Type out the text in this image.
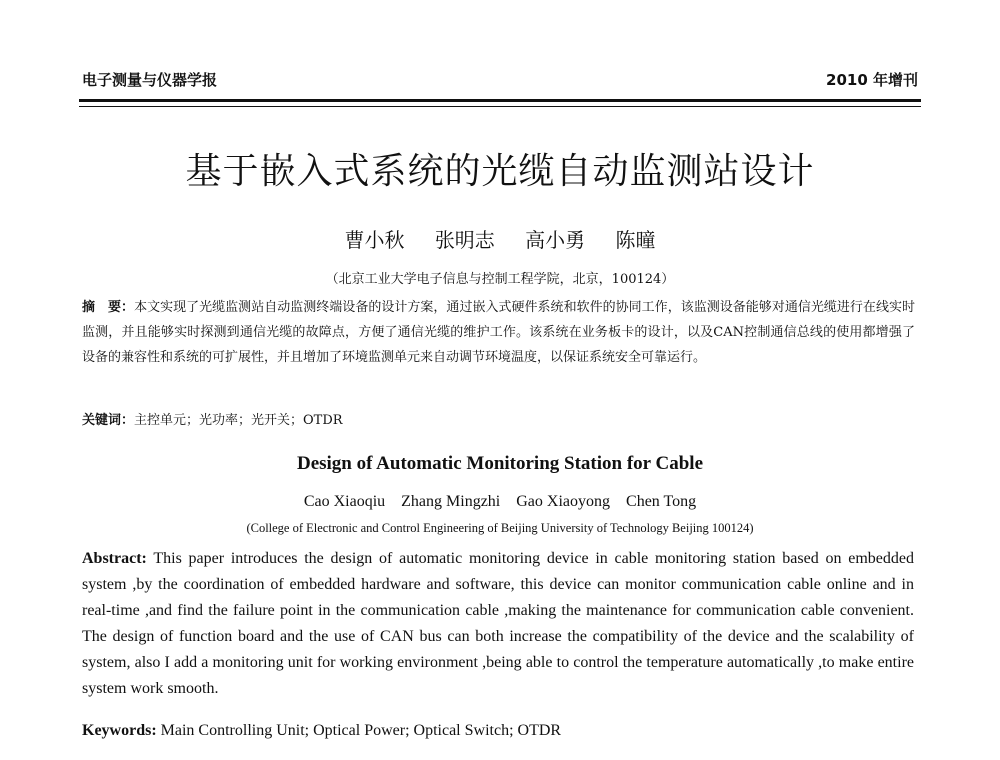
电子测量与仪器学报	2010 年增刊
基于嵌入式系统的光缆自动监测站设计
曹小秋 张明志 高小勇 陈曈
（北京工业大学电子信息与控制工程学院，北京，100124）
摘　要：本文实现了光缆监测站自动监测终端设备的设计方案，通过嵌入式硬件系统和软件的协同工作，该监测设备能够对通信光缆进行在线实时监测，并且能够实时探测到通信光缆的故障点，方便了通信光缆的维护工作。该系统在业务板卡的设计，以及CAN控制通信总线的使用都增强了设备的兼容性和系统的可扩展性，并且增加了环境监测单元来自动调节环境温度，以保证系统安全可靠运行。
关键词：主控单元；光功率；光开关；OTDR
Design of Automatic Monitoring Station for Cable
Cao Xiaoqiu Zhang Mingzhi Gao Xiaoyong Chen Tong
(College of Electronic and Control Engineering of Beijing University of Technology Beijing 100124)
Abstract: This paper introduces the design of automatic monitoring device in cable monitoring station based on embedded system ,by the coordination of embedded hardware and software, this device can monitor communication cable online and in real-time ,and find the failure point in the communication cable ,making the maintenance for communication cable convenient. The design of function board and the use of CAN bus can both increase the compatibility of the device and the scalability of system, also I add a monitoring unit for working environment ,being able to control the temperature automatically ,to make entire system work smooth.
Keywords: Main Controlling Unit; Optical Power; Optical Switch; OTDR
